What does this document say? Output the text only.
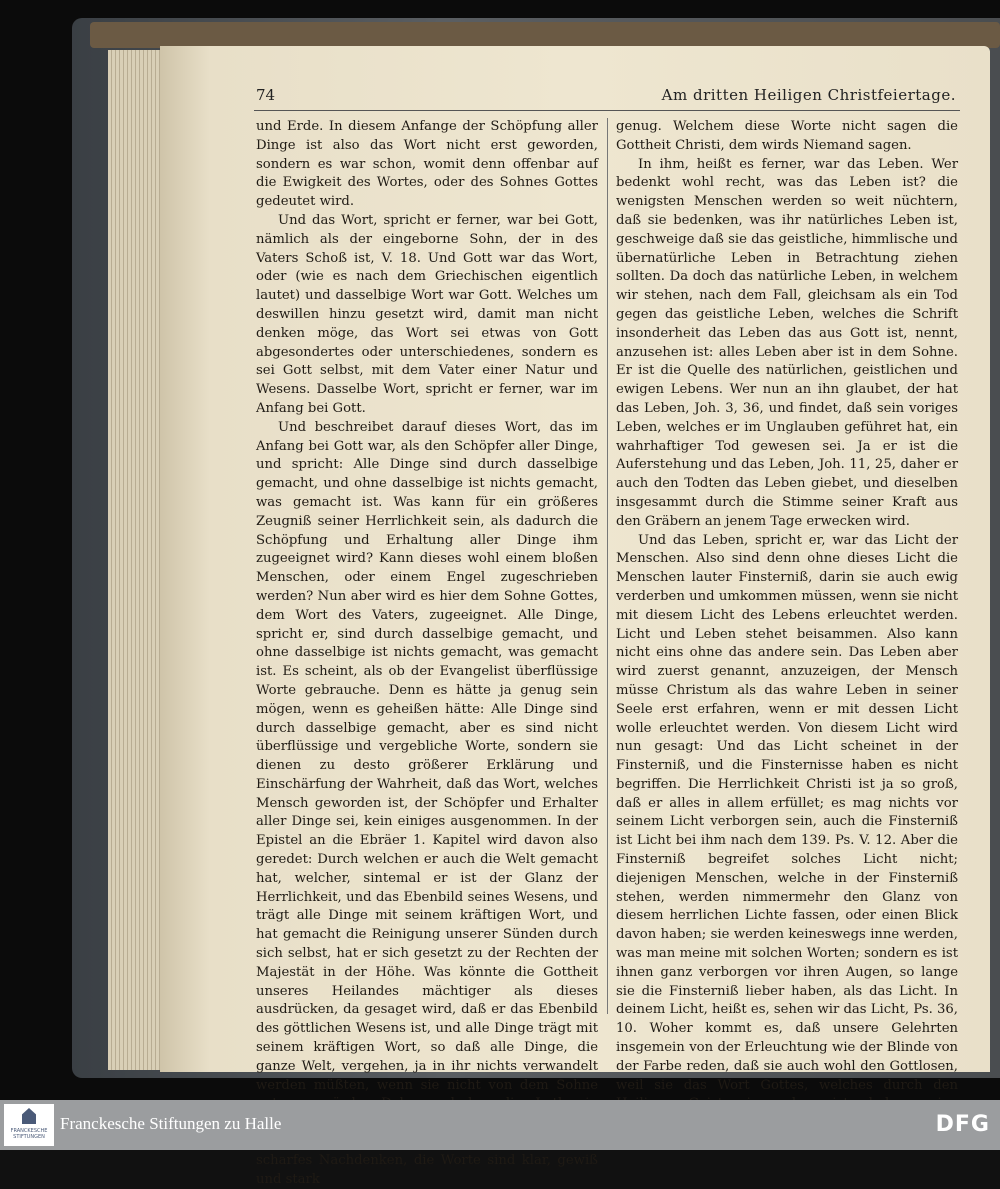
74	Am dritten Heiligen Christfeiertage.

und Erde. In diesem Anfange der Schöpfung aller Dinge ist also das Wort nicht erst geworden, sondern es war schon, womit denn offenbar auf die Ewigkeit des Wortes, oder des Sohnes Gottes gedeutet wird.

Und das Wort, spricht er ferner, war bei Gott, nämlich als der eingeborne Sohn, der in des Vaters Schoß ist, V. 18. Und Gott war das Wort, oder (wie es nach dem Griechischen eigentlich lautet) und dasselbige Wort war Gott. Welches um deswillen hinzu gesetzt wird, damit man nicht denken möge, das Wort sei etwas von Gott abgesondertes oder unterschiedenes, sondern es sei Gott selbst, mit dem Vater einer Natur und Wesens. Dasselbe Wort, spricht er ferner, war im Anfang bei Gott.

Und beschreibet darauf dieses Wort, das im Anfang bei Gott war, als den Schöpfer aller Dinge, und spricht: Alle Dinge sind durch dasselbige gemacht, und ohne dasselbige ist nichts gemacht, was gemacht ist. Was kann für ein größeres Zeugniß seiner Herrlichkeit sein, als dadurch die Schöpfung und Erhaltung aller Dinge ihm zugeeignet wird? Kann dieses wohl einem bloßen Menschen, oder einem Engel zugeschrieben werden? Nun aber wird es hier dem Sohne Gottes, dem Wort des Vaters, zugeeignet. Alle Dinge, spricht er, sind durch dasselbige gemacht, und ohne dasselbige ist nichts gemacht, was gemacht ist. Es scheint, als ob der Evangelist überflüssige Worte gebrauche. Denn es hätte ja genug sein mögen, wenn es geheißen hätte: Alle Dinge sind durch dasselbige gemacht, aber es sind nicht überflüssige und vergebliche Worte, sondern sie dienen zu desto größerer Erklärung und Einschärfung der Wahrheit, daß das Wort, welches Mensch geworden ist, der Schöpfer und Erhalter aller Dinge sei, kein einiges ausgenommen. In der Epistel an die Ebräer 1. Kapitel wird davon also geredet: Durch welchen er auch die Welt gemacht hat, welcher, sintemal er ist der Glanz der Herrlichkeit, und das Ebenbild seines Wesens, und trägt alle Dinge mit seinem kräftigen Wort, und hat gemacht die Reinigung unserer Sünden durch sich selbst, hat er sich gesetzt zu der Rechten der Majestät in der Höhe. Was könnte die Gottheit unseres Heilandes mächtiger als dieses ausdrücken, da gesaget wird, daß er das Ebenbild des göttlichen Wesens ist, und alle Dinge trägt mit seinem kräftigen Wort, so daß alle Dinge, die ganze Welt, vergehen, ja in ihr nichts verwandelt werden müßten, wenn sie nicht von dem Sohne scharfes Nachdenken, die Worte sind klar, gewiß und stark

genug. Welchem diese Worte nicht sagen die Gottheit Christi, dem wirds Niemand sagen.

In ihm, heißt es ferner, war das Leben. Wer bedenkt wohl recht, was das Leben ist? die wenigsten Menschen werden so weit nüchtern, daß sie bedenken, was ihr natürliches Leben ist, geschweige daß sie das geistliche, himmlische und übernatürliche Leben in Betrachtung ziehen sollten. Da doch das natürliche Leben, in welchem wir stehen, nach dem Fall, gleichsam als ein Tod gegen das geistliche Leben, welches die Schrift insonderheit das Leben das aus Gott ist, nennt, anzusehen ist: alles Leben aber ist in dem Sohne. Er ist die Quelle des natürlichen, geistlichen und ewigen Lebens. Wer nun an ihn glaubet, der hat das Leben, Joh. 3, 36, und findet, daß sein voriges Leben, welches er im Unglauben geführet hat, ein wahrhaftiger Tod gewesen sei. Ja er ist die Auferstehung und das Leben, Joh. 11, 25, daher er auch den Todten das Leben giebet, und dieselben insgesammt durch die Stimme seiner Kraft aus den Gräbern an jenem Tage erwecken wird.

Und das Leben, spricht er, war das Licht der Menschen. Also sind denn ohne dieses Licht die Menschen lauter Finsterniß, darin sie auch ewig verderben und umkommen müssen, wenn sie nicht mit diesem Licht des Lebens erleuchtet werden. Licht und Leben stehet beisammen. Also kann nicht eins ohne das andere sein. Das Leben aber wird zuerst genannt, anzuzeigen, der Mensch müsse Christum als das wahre Leben in seiner Seele erst erfahren, wenn er mit dessen Licht wolle erleuchtet werden. Von diesem Licht wird nun gesagt: Und das Licht scheinet in der Finsterniß, und die Finsternisse haben es nicht begriffen. Die Herrlichkeit Christi ist ja so groß, daß er alles in allem erfüllet; es mag nichts vor seinem Licht verborgen sein, auch die Finsterniß ist Licht bei ihm nach dem 139. Ps. V. 12. Aber die Finsterniß begreifet solches Licht nicht; diejenigen Menschen, welche in der Finsterniß stehen, werden nimmermehr den Glanz von diesem herrlichen Lichte fassen, oder einen Blick davon haben; sie werden keineswegs inne werden, was man meine mit solchen Worten; sondern es ist ihnen ganz verborgen vor ihren Augen, so lange sie die Finsterniß lieber haben, als das Licht. In deinem Licht, heißt es, sehen wir das Licht, Ps. 36, 10. Woher kommt es, daß unsere Gelehrten insgemein von der Erleuchtung wie der Blinde von der Farbe reden, daß sie auch wohl den Gottlosen, weil sie das Wort Gottes, welches durch den

FRANCKESCHE STIFTUNGEN
Franckesche Stiftungen zu Halle	DFG
